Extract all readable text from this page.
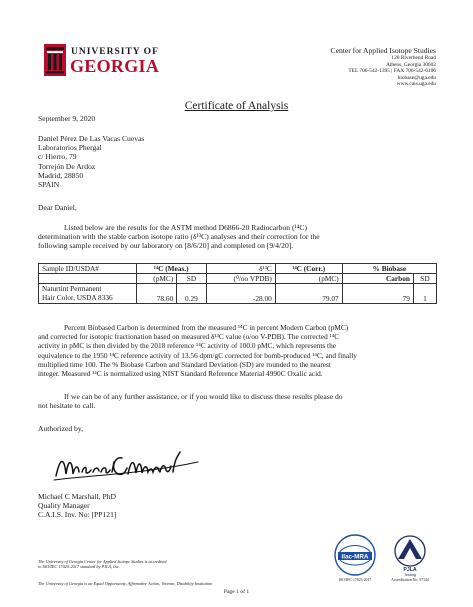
UNIVERSITY OF
GEORGIA
Center for Applied Isotope Studies
120 Riverbend Road
Athens, Georgia 30602
TEL 706-542-1395 | FAX 706-542-6106
biobase@uga.edu
www.cais.uga.edu
Certificate of Analysis
September 9, 2020
Daniel Pérez De Las Vacas Cuevas
Laboratorios Phergal
c/ Hierro, 79
Torrejón De Ardoz
Madrid, 28850
SPAIN
Dear Daniel,
Listed below are the results for the ASTM method D6866-20 Radiocarbon (¹⁴C)
determination with the stable carbon isotope ratio (δ¹³C) analyses and their correction for the
following sample received by our laboratory on [8/6/20] and completed on [9/4/20].
Sample ID/USDA#	¹⁴C (Meas.)		δ¹³C	¹⁴C (Corr.)	% Biobase	
	(pMC)	SD	(⁰/oo VPDB)	(pMC)	Carbon	SD

Naturtint Permanent
Hair Color, USDA 8336	78.60	0.29	-28.00	79.07	79	1
Percent Biobased Carbon is determined from the measured ¹⁴C in percent Modern Carbon (pMC)
and corrected for isotopic fractionation based on measured δ¹³C value (o/oo V-PDB). The corrected ¹⁴C
activity in pMC is then divided by the 2018 reference ¹⁴C activity of 100.0 pMC, which represents the
equivalence to the 1950 ¹⁴C reference activity of 13.56 dpm/gC corrected for bomb-produced ¹⁴C, and finally
multiplied time 100. The % Biobase Carbon and Standard Deviation (SD) are rounded to the nearest
integer. Measured ¹⁴C is normalized using NIST Standard Reference Material 4990C Oxalic acid.
If we can be of any further assistance, or if you would like to discuss these results please do
not hesitate to call.
Authorized by,
Michael C Marshall, PhD
Quality Manager
C.A.I.S. Inv. No: [PP121]
ilac-MRA
PJLA
Testing
ISO/IEC 17025:2017	Accreditation No. 97144
The University of Georgia Center for Applied Isotope Studies is accredited
to ISO/IEC 17025:2017 standard by PJLA, Inc.
The University of Georgia is an Equal Opportunity, Affirmative Action, Veteran, Disability Institution
Page 1 of 1
